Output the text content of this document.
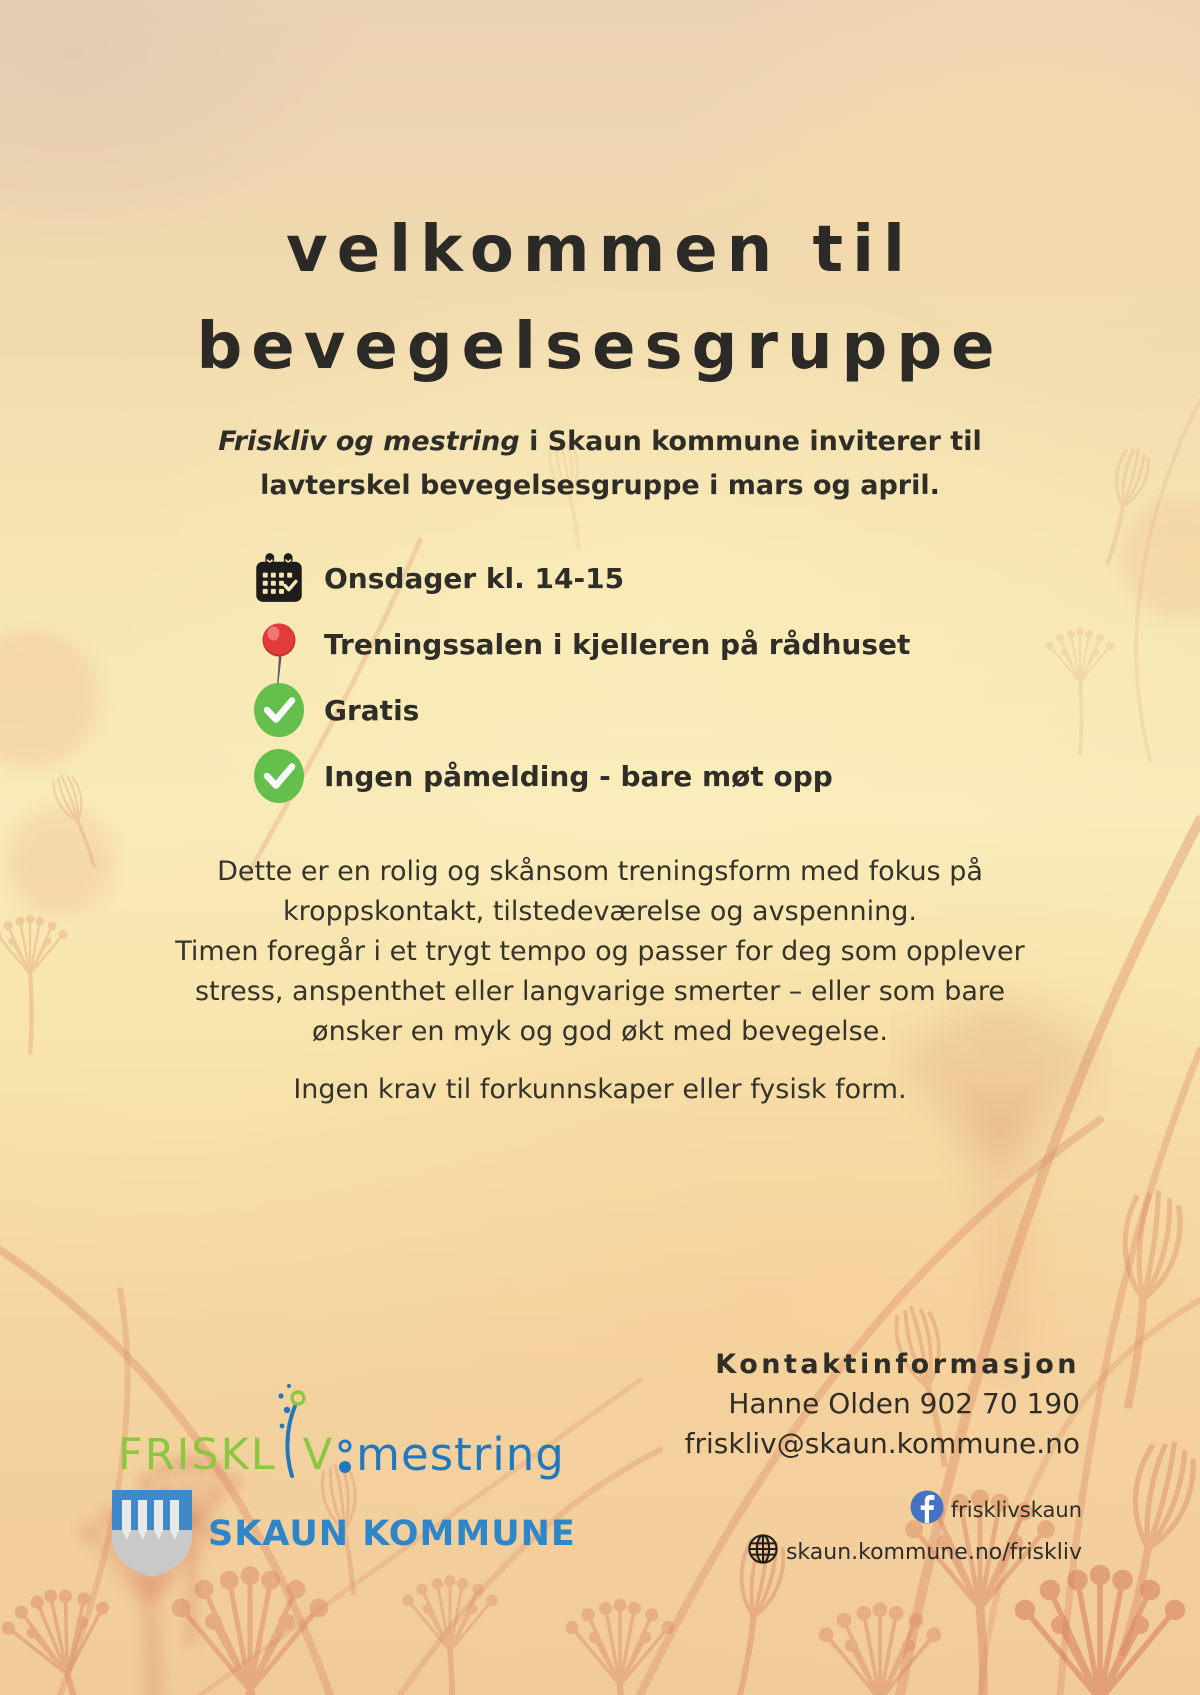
velkommen til
bevegelsesgruppe
Friskliv og mestring i Skaun kommune inviterer til
lavterskel bevegelsesgruppe i mars og april.
Onsdager kl. 14-15
Treningssalen i kjelleren på rådhuset
Gratis
Ingen påmelding - bare møt opp
Dette er en rolig og skånsom treningsform med fokus på
kroppskontakt, tilstedeværelse og avspenning.
Timen foregår i et trygt tempo og passer for deg som opplever
stress, anspenthet eller langvarige smerter – eller som bare
ønsker en myk og god økt med bevegelse.
Ingen krav til forkunnskaper eller fysisk form.
Kontaktinformasjon
Hanne Olden 902 70 190
friskliv@skaun.kommune.no
frisklivskaun
skaun.kommune.no/friskliv
FRISKL V mestring
SKAUN KOMMUNE
